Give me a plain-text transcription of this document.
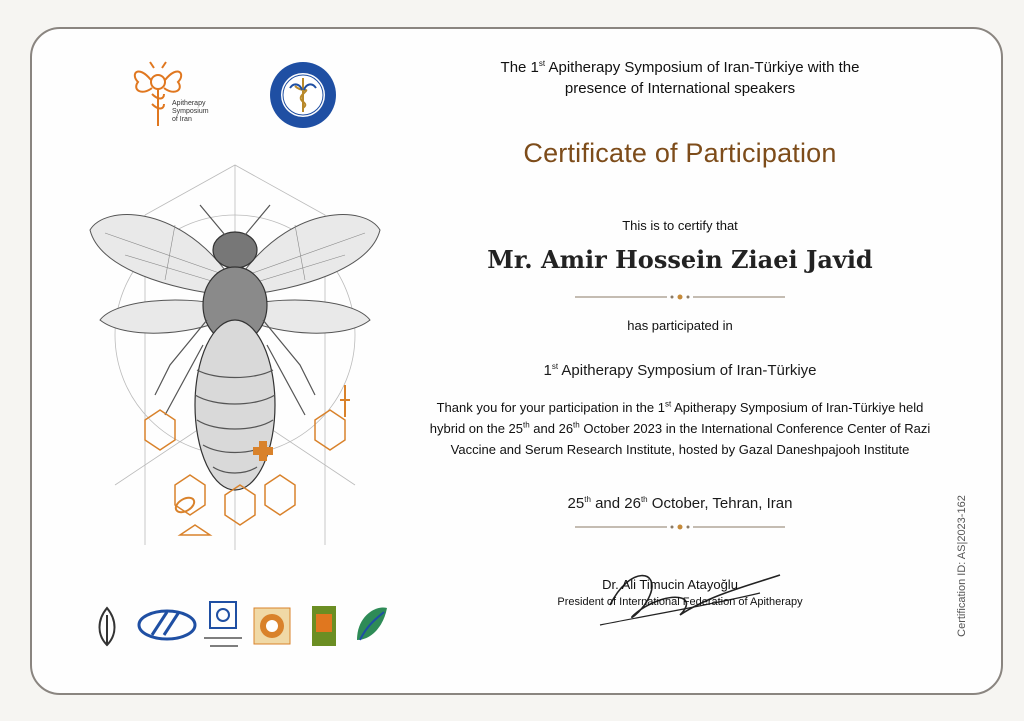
Apitherapy
Symposium
of Iran
The 1st Apitherapy Symposium of Iran-Türkiye with the
presence of International speakers
Certificate of Participation
This is to certify that
Mr. Amir Hossein Ziaei Javid
has participated in
1st Apitherapy Symposium of Iran-Türkiye
Thank you for your participation in the 1st Apitherapy Symposium of Iran-Türkiye held
hybrid on the 25th and 26th October 2023 in the International Conference Center of Razi
Vaccine and Serum Research Institute, hosted by Gazal Daneshpajooh Institute
25th and 26th October, Tehran, Iran
Dr. Ali Timucin Atayoğlu
President of International Federation of Apitherapy	Certification ID: AS|2023-162
